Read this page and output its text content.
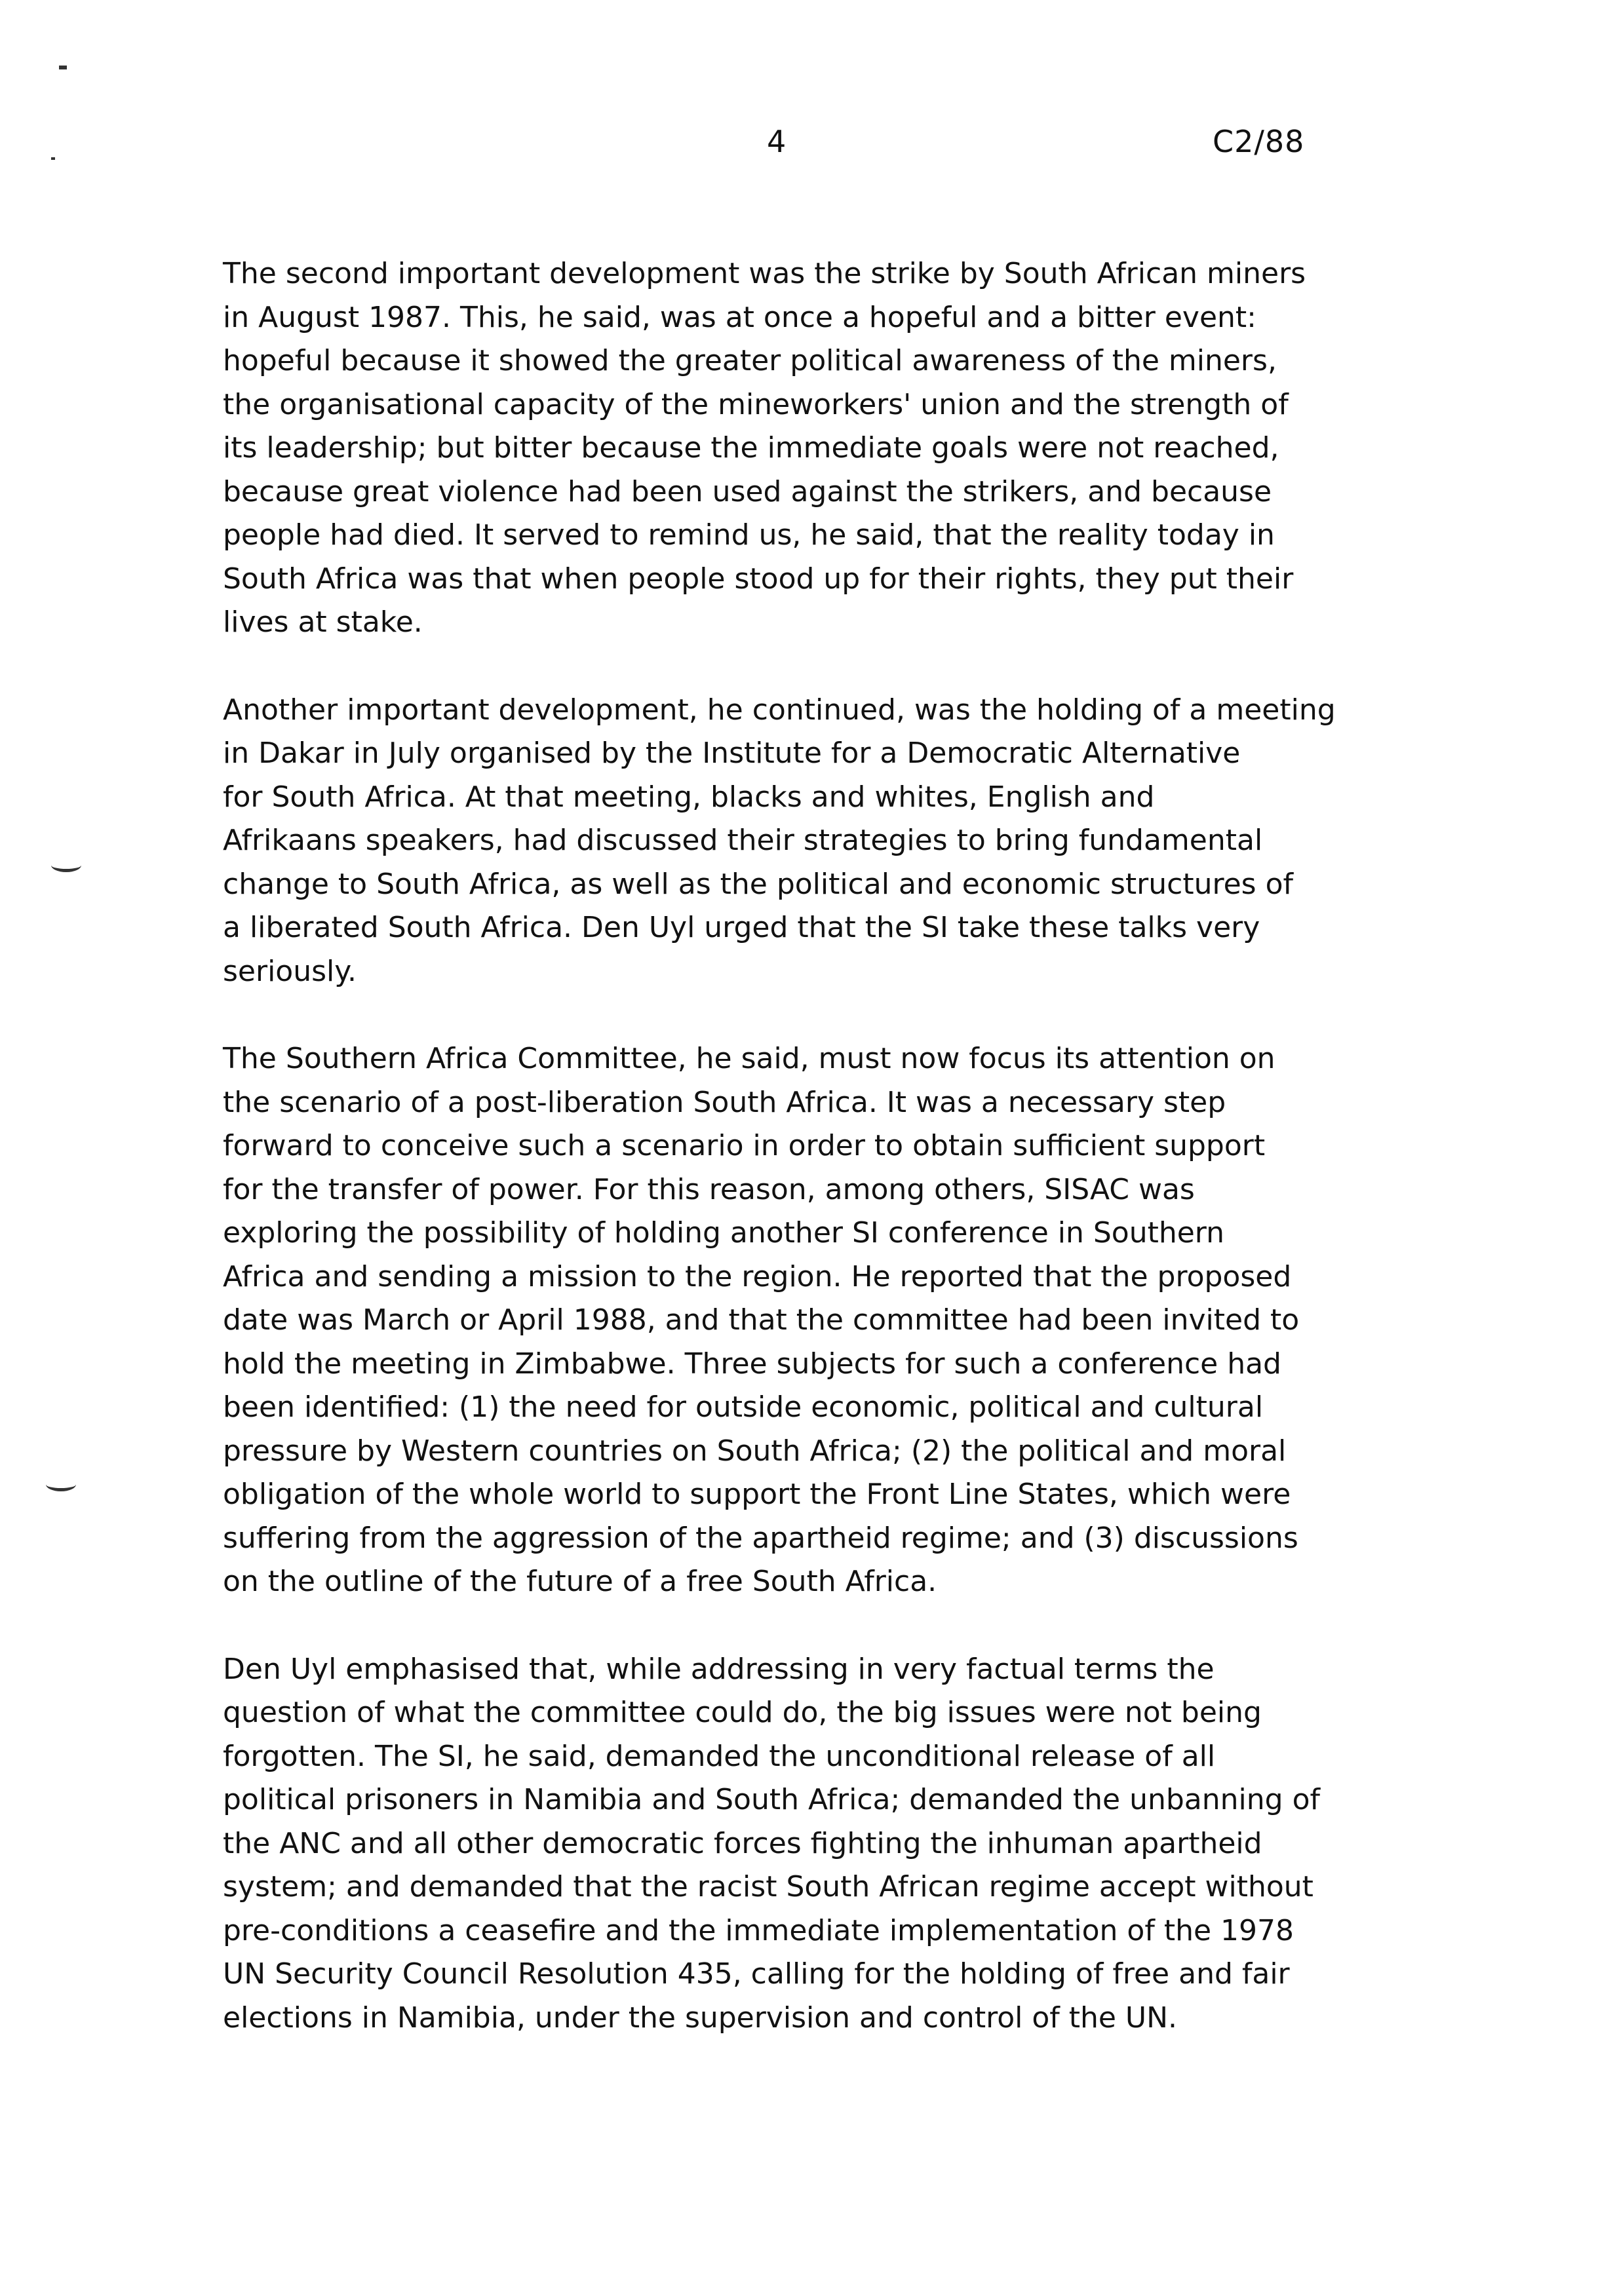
4	C2/88

The second important development was the strike by South African miners
in August 1987. This, he said, was at once a hopeful and a bitter event:
hopeful because it showed the greater political awareness of the miners,
the organisational capacity of the mineworkers' union and the strength of
its leadership; but bitter because the immediate goals were not reached,
because great violence had been used against the strikers, and because
people had died. It served to remind us, he said, that the reality today in
South Africa was that when people stood up for their rights, they put their
lives at stake.

Another important development, he continued, was the holding of a meeting
in Dakar in July organised by the Institute for a Democratic Alternative
for South Africa. At that meeting, blacks and whites, English and
Afrikaans speakers, had discussed their strategies to bring fundamental
change to South Africa, as well as the political and economic structures of
a liberated South Africa. Den Uyl urged that the SI take these talks very
seriously.

The Southern Africa Committee, he said, must now focus its attention on
the scenario of a post-liberation South Africa. It was a necessary step
forward to conceive such a scenario in order to obtain sufficient support
for the transfer of power. For this reason, among others, SISAC was
exploring the possibility of holding another SI conference in Southern
Africa and sending a mission to the region. He reported that the proposed
date was March or April 1988, and that the committee had been invited to
hold the meeting in Zimbabwe. Three subjects for such a conference had
been identified: (1) the need for outside economic, political and cultural
pressure by Western countries on South Africa; (2) the political and moral
obligation of the whole world to support the Front Line States, which were
suffering from the aggression of the apartheid regime; and (3) discussions
on the outline of the future of a free South Africa.

Den Uyl emphasised that, while addressing in very factual terms the
question of what the committee could do, the big issues were not being
forgotten. The SI, he said, demanded the unconditional release of all
political prisoners in Namibia and South Africa; demanded the unbanning of
the ANC and all other democratic forces fighting the inhuman apartheid
system; and demanded that the racist South African regime accept without
pre-conditions a ceasefire and the immediate implementation of the 1978
UN Security Council Resolution 435, calling for the holding of free and fair
elections in Namibia, under the supervision and control of the UN.
